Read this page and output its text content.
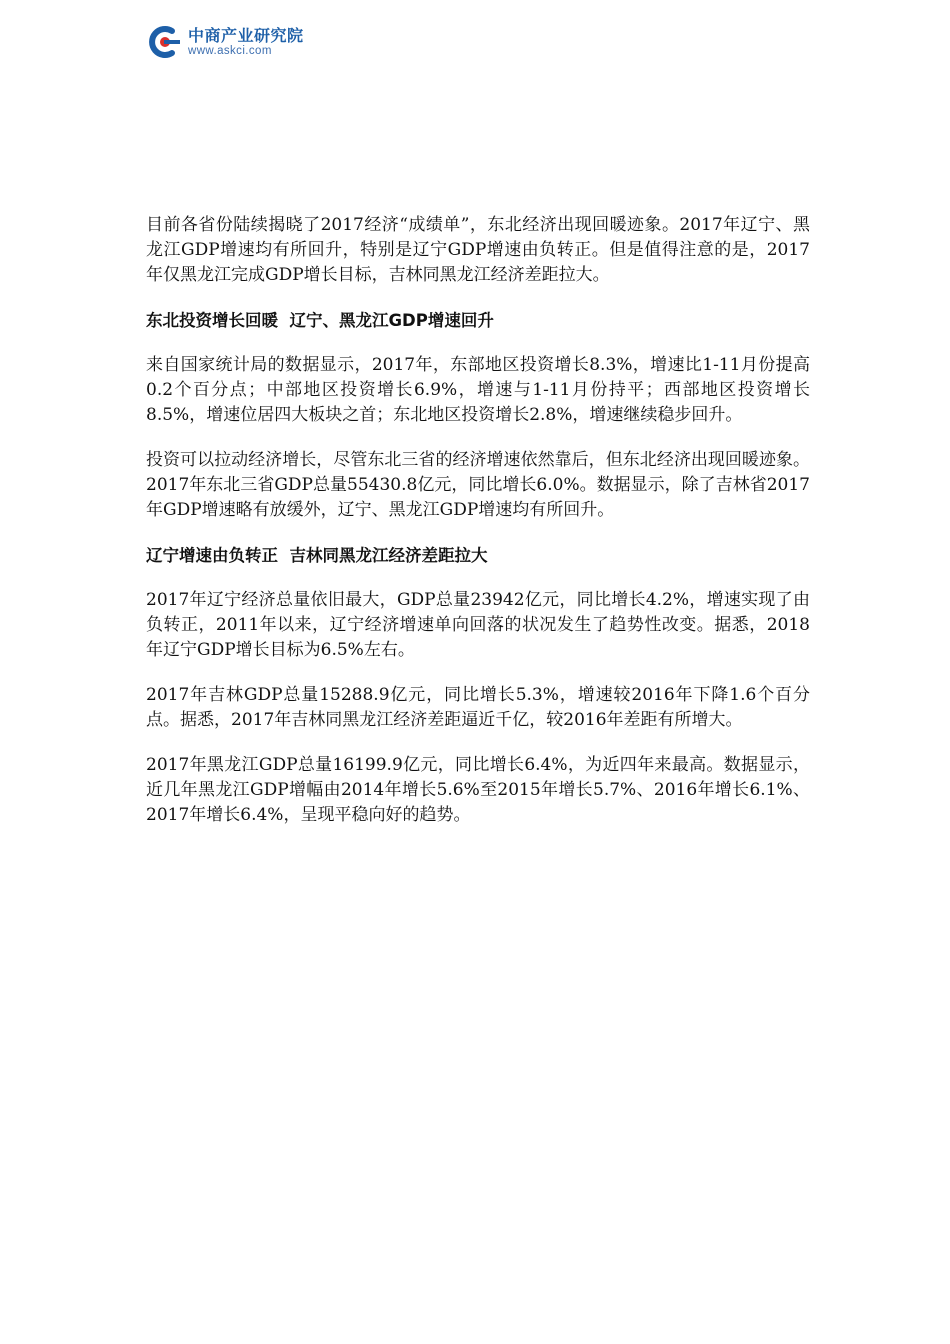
中商产业研究院
www.askci.com

目前各省份陆续揭晓了2017经济“成绩单”，东北经济出现回暖迹象。2017年辽宁、黑龙江GDP增速均有所回升，特别是辽宁GDP增速由负转正。但是值得注意的是，2017年仅黑龙江完成GDP增长目标，吉林同黑龙江经济差距拉大。

东北投资增长回暖  辽宁、黑龙江GDP增速回升

来自国家统计局的数据显示，2017年，东部地区投资增长8.3%，增速比1-11月份提高0.2个百分点；中部地区投资增长6.9%，增速与1-11月份持平；西部地区投资增长8.5%，增速位居四大板块之首；东北地区投资增长2.8%，增速继续稳步回升。

投资可以拉动经济增长，尽管东北三省的经济增速依然靠后，但东北经济出现回暖迹象。2017年东北三省GDP总量55430.8亿元，同比增长6.0%。数据显示，除了吉林省2017年GDP增速略有放缓外，辽宁、黑龙江GDP增速均有所回升。

辽宁增速由负转正  吉林同黑龙江经济差距拉大

2017年辽宁经济总量依旧最大，GDP总量23942亿元，同比增长4.2%，增速实现了由负转正，2011年以来，辽宁经济增速单向回落的状况发生了趋势性改变。据悉，2018年辽宁GDP增长目标为6.5%左右。

2017年吉林GDP总量15288.9亿元，同比增长5.3%，增速较2016年下降1.6个百分点。据悉，2017年吉林同黑龙江经济差距逼近千亿，较2016年差距有所增大。

2017年黑龙江GDP总量16199.9亿元，同比增长6.4%，为近四年来最高。数据显示，近几年黑龙江GDP增幅由2014年增长5.6%至2015年增长5.7%、2016年增长6.1%、2017年增长6.4%，呈现平稳向好的趋势。
